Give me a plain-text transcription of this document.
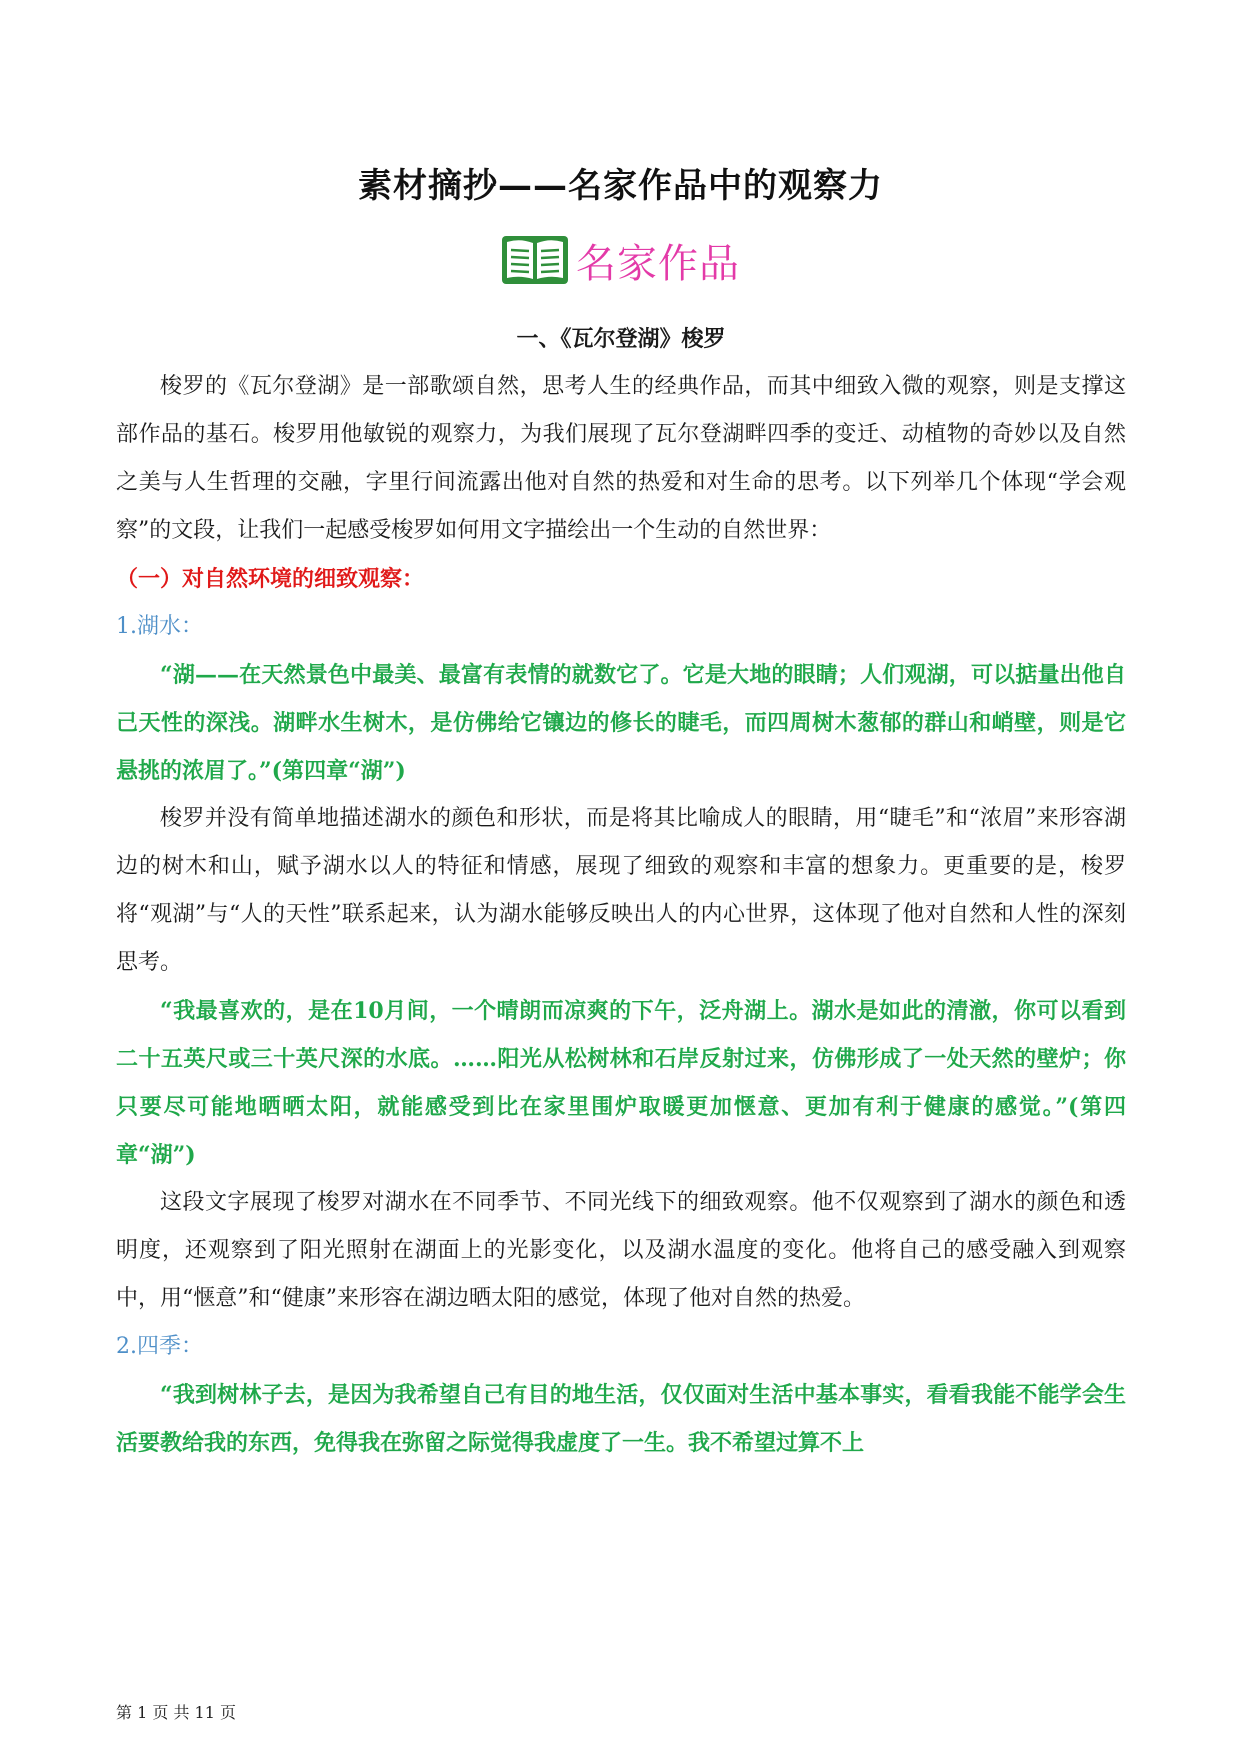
素材摘抄——名家作品中的观察力
名家作品

一、《瓦尔登湖》梭罗

梭罗的《瓦尔登湖》是一部歌颂自然，思考人生的经典作品，而其中细致入微的观察，则是支撑这部作品的基石。梭罗用他敏锐的观察力，为我们展现了瓦尔登湖畔四季的变迁、动植物的奇妙以及自然之美与人生哲理的交融，字里行间流露出他对自然的热爱和对生命的思考。以下列举几个体现“学会观察”的文段，让我们一起感受梭罗如何用文字描绘出一个生动的自然世界：

（一）对自然环境的细致观察：

1.湖水：

“湖——在天然景色中最美、最富有表情的就数它了。它是大地的眼睛；人们观湖，可以掂量出他自己天性的深浅。湖畔水生树木，是仿佛给它镶边的修长的睫毛，而四周树木葱郁的群山和峭壁，则是它悬挑的浓眉了。”(第四章“湖”)

梭罗并没有简单地描述湖水的颜色和形状，而是将其比喻成人的眼睛，用“睫毛”和“浓眉”来形容湖边的树木和山，赋予湖水以人的特征和情感，展现了细致的观察和丰富的想象力。更重要的是，梭罗将“观湖”与“人的天性”联系起来，认为湖水能够反映出人的内心世界，这体现了他对自然和人性的深刻思考。

“我最喜欢的，是在10月间，一个晴朗而凉爽的下午，泛舟湖上。湖水是如此的清澈，你可以看到二十五英尺或三十英尺深的水底。……阳光从松树林和石岸反射过来，仿佛形成了一处天然的壁炉；你只要尽可能地晒晒太阳，就能感受到比在家里围炉取暖更加惬意、更加有利于健康的感觉。”(第四章“湖”)

这段文字展现了梭罗对湖水在不同季节、不同光线下的细致观察。他不仅观察到了湖水的颜色和透明度，还观察到了阳光照射在湖面上的光影变化，以及湖水温度的变化。他将自己的感受融入到观察中，用“惬意”和“健康”来形容在湖边晒太阳的感觉，体现了他对自然的热爱。

2.四季：

“我到树林子去，是因为我希望自己有目的地生活，仅仅面对生活中基本事实，看看我能不能学会生活要教给我的东西，免得我在弥留之际觉得我虚度了一生。我不希望过算不上

第 1 页 共 11 页
